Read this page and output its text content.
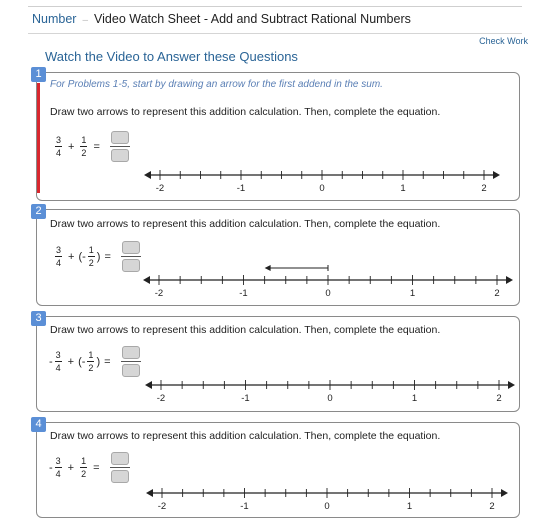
Number – Video Watch Sheet - Add and Subtract Rational Numbers
Check Work
Watch the Video to Answer these Questions
1
For Problems 1-5, start by drawing an arrow for the first addend in the sum.
Draw two arrows to represent this addition calculation. Then, complete the equation.
$\frac{3}{4} + \frac{1}{2}$ =
-2	-1	0	1	2
2
Draw two arrows to represent this addition calculation. Then, complete the equation.
$\frac{3}{4}$ + (- $\frac{1}{2}$ ) =
-2	-1	0	1	2
3
Draw two arrows to represent this addition calculation. Then, complete the equation.
- $\frac{3}{4}$ + (- $\frac{1}{2}$ ) =
-2	-1	0	1	2
4
Draw two arrows to represent this addition calculation. Then, complete the equation.
- $\frac{3}{4} + \frac{1}{2}$ =
-2	-1	0	1	2
